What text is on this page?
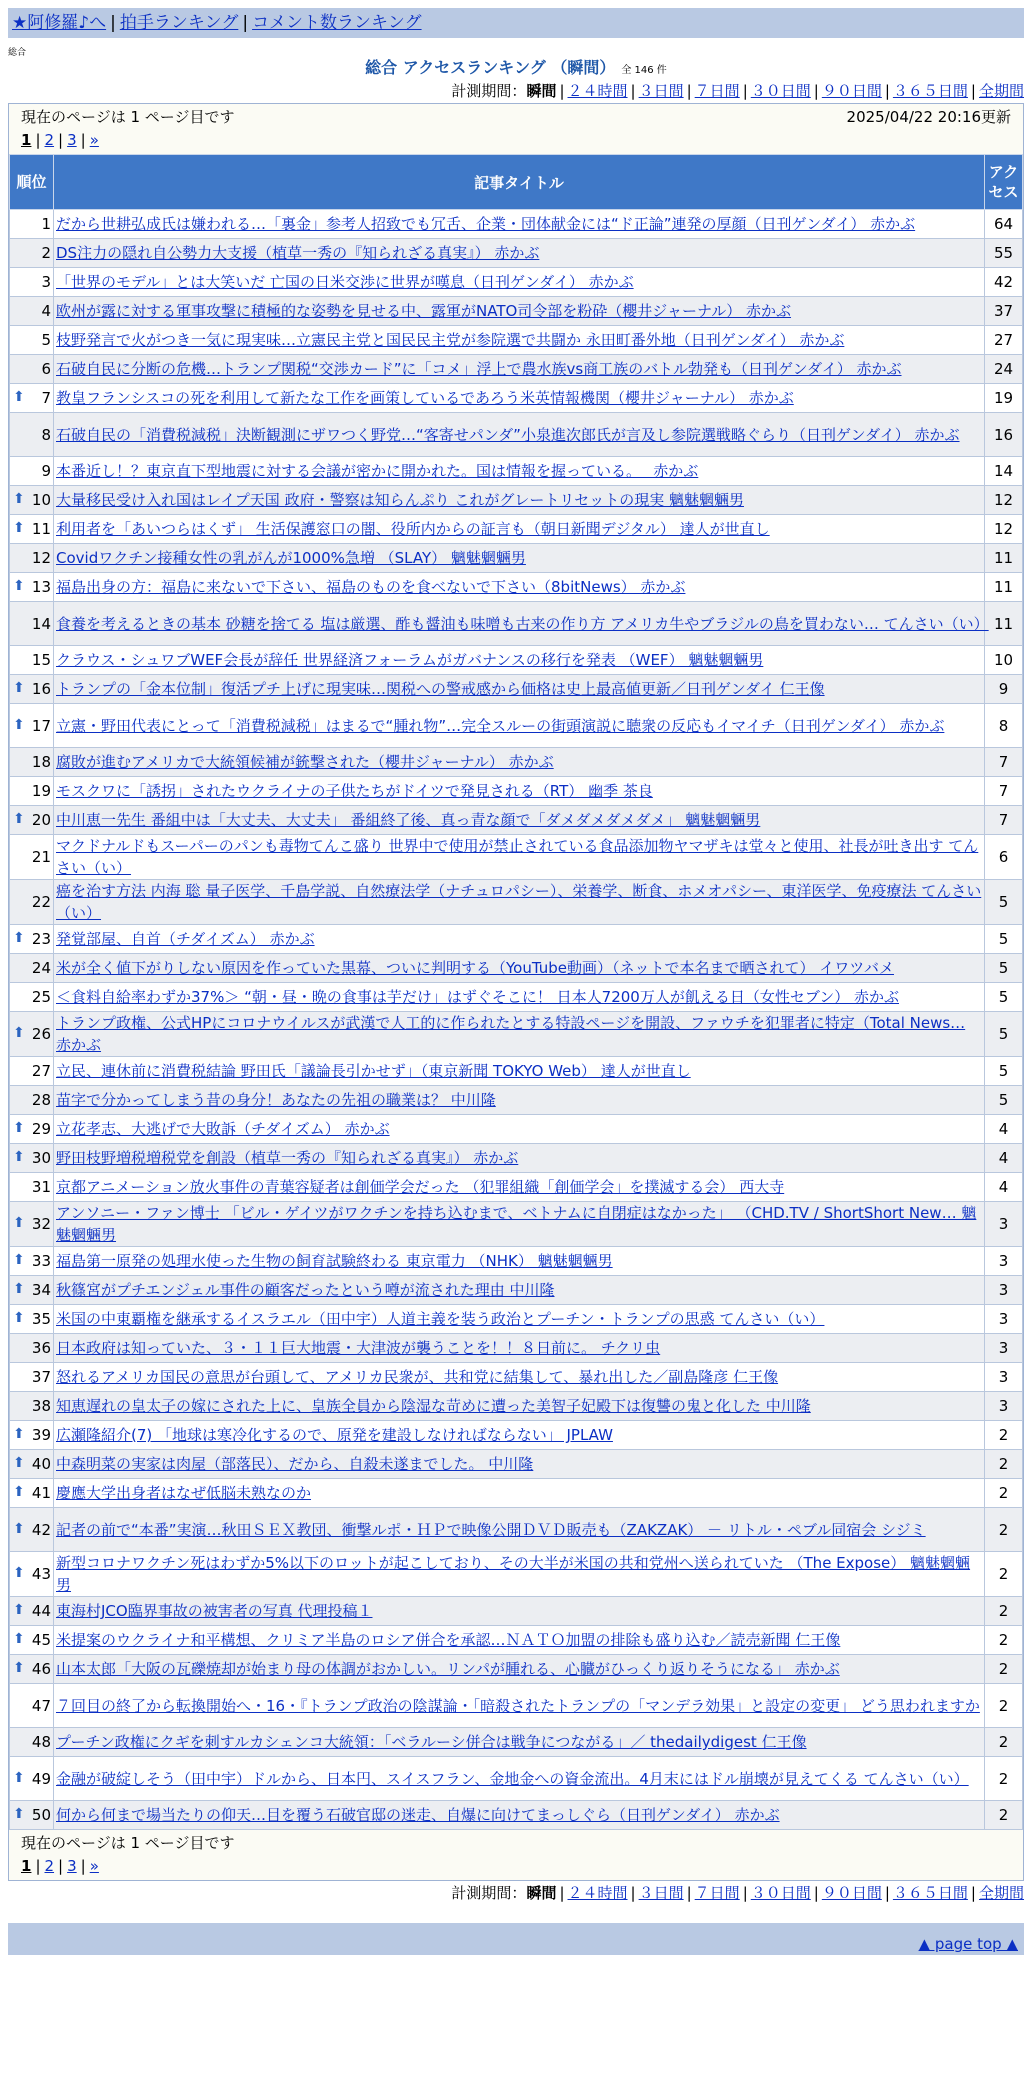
★阿修羅♪へ | 拍手ランキング | コメント数ランキング
総合
総合 アクセスランキング （瞬間） 全 146 件
計測期間：瞬間 | ２４時間 | ３日間 | ７日間 | ３０日間 | ９０日間 | ３６５日間 | 全期間
現在のページは 1 ページ目です	2025/04/22 20:16更新
1 | 2 | 3 | »
順位	記事タイトル	アクセス
1	だから世耕弘成氏は嫌われる…「裏金」参考人招致でも冗舌、企業・団体献金には“ド正論”連発の厚顔（日刊ゲンダイ） 赤かぶ	64
2	DS注力の隠れ自公勢力大支援（植草一秀の『知られざる真実』） 赤かぶ	55
3	「世界のモデル」とは大笑いだ 亡国の日米交渉に世界が嘆息（日刊ゲンダイ） 赤かぶ	42
4	欧州が露に対する軍事攻撃に積極的な姿勢を見せる中、露軍がNATO司令部を粉砕（櫻井ジャーナル） 赤かぶ	37
5	枝野発言で火がつき一気に現実味…立憲民主党と国民民主党が参院選で共闘か 永田町番外地（日刊ゲンダイ） 赤かぶ	27
6	石破自民に分断の危機…トランプ関税“交渉カード”に「コメ」浮上で農水族vs商工族のバトル勃発も（日刊ゲンダイ） 赤かぶ	24

⬆ 7	教皇フランシスコの死を利用して新たな工作を画策しているであろう米英情報機関（櫻井ジャーナル） 赤かぶ	19
8	石破自民の「消費税減税」決断観測にザワつく野党…“客寄せパンダ”小泉進次郎氏が言及し参院選戦略ぐらり（日刊ゲンダイ） 赤かぶ	16
9	本番近し！？東京直下型地震に対する会議が密かに開かれた。国は情報を握っている。　 赤かぶ	14

⬆ 10	大量移民受け入れ国はレイプ天国 政府・警察は知らんぷり これがグレートリセットの現実 魑魅魍魎男	12

⬆ 11	利用者を「あいつらはくず」 生活保護窓口の闇、役所内からの証言も（朝日新聞デジタル） 達人が世直し	12
12	Covidワクチン接種女性の乳がんが1000%急増 （SLAY） 魑魅魍魎男	11

⬆ 13	福島出身の方：福島に来ないで下さい、福島のものを食べないで下さい（8bitNews） 赤かぶ	11
14	食養を考えるときの基本 砂糖を捨てる 塩は厳選、酢も醤油も味噌も古来の作り方 アメリカ牛やブラジルの鳥を買わない… てんさい（い）	11
15	クラウス・シュワブWEF会長が辞任 世界経済フォーラムがガバナンスの移行を発表 （WEF） 魑魅魍魎男	10

⬆ 16	トランプの「金本位制」復活プチ上げに現実味…関税への警戒感から価格は史上最高値更新／日刊ゲンダイ 仁王像	9

⬆ 17	立憲・野田代表にとって「消費税減税」はまるで“腫れ物”…完全スルーの街頭演説に聴衆の反応もイマイチ（日刊ゲンダイ） 赤かぶ	8
18	腐敗が進むアメリカで大統領候補が銃撃された（櫻井ジャーナル） 赤かぶ	7
19	モスクワに「誘拐」されたウクライナの子供たちがドイツで発見される（RT） 幽季 茶良	7

⬆ 20	中川恵一先生 番組中は「大丈夫、大丈夫」 番組終了後、真っ青な顔で「ダメダメダメダメ」 魑魅魍魎男	7
21	マクドナルドもスーパーのパンも毒物てんこ盛り 世界中で使用が禁止されている食品添加物ヤマザキは堂々と使用、社長が吐き出す てんさい（い）	6
22	癌を治す方法 内海 聡 量子医学、千島学説、自然療法学（ナチュロパシー）、栄養学、断食、ホメオパシー、東洋医学、免疫療法 てんさい（い）	5

⬆ 23	発覚部屋、自首（チダイズム） 赤かぶ	5
24	米が全く値下がりしない原因を作っていた黒幕、ついに判明する（YouTube動画）（ネットで本名まで晒されて） イワツバメ	5
25	＜食料自給率わずか37%＞ “朝・昼・晩の食事は芋だけ」はずぐそこに！ 日本人7200万人が飢える日（女性セブン） 赤かぶ	5

⬆ 26	トランプ政権、公式HPにコロナウイルスが武漢で人工的に作られたとする特設ページを開設、ファウチを犯罪者に特定（Total News… 赤かぶ	5
27	立民、連休前に消費税結論 野田氏「議論長引かせず」（東京新聞 TOKYO Web） 達人が世直し	5
28	苗字で分かってしまう昔の身分！あなたの先祖の職業は？ 中川隆	5

⬆ 29	立花孝志、大逃げで大敗訴（チダイズム） 赤かぶ	4

⬆ 30	野田枝野増税増税党を創設（植草一秀の『知られざる真実』） 赤かぶ	4
31	京都アニメーション放火事件の青葉容疑者は創価学会だった （犯罪組織「創価学会」を撲滅する会） 西大寺	4

⬆ 32	アンソニー・ファン博士 「ビル・ゲイツがワクチンを持ち込むまで、ベトナムに自閉症はなかった」 （CHD.TV / ShortShort New… 魑魅魍魎男	3

⬆ 33	福島第一原発の処理水使った生物の飼育試験終わる 東京電力 （NHK） 魑魅魍魎男	3

⬆ 34	秋篠宮がプチエンジェル事件の顧客だったという噂が流された理由 中川隆	3

⬆ 35	米国の中東覇権を継承するイスラエル（田中宇）人道主義を装う政治とプーチン・トランプの思惑 てんさい（い）	3
36	日本政府は知っていた、３・１１巨大地震・大津波が襲うことを！！８日前に。 チクリ虫	3
37	怒れるアメリカ国民の意思が台頭して、アメリカ民衆が、共和党に結集して、暴れ出した／副島隆彦 仁王像	3
38	知恵遅れの皇太子の嫁にされた上に、皇族全員から陰湿な苛めに遭った美智子妃殿下は復讐の鬼と化した 中川隆	3

⬆ 39	広瀬隆紹介(7) 「地球は寒冷化するので、原発を建設しなければならない」 JPLAW	2

⬆ 40	中森明菜の実家は肉屋（部落民）、だから、自殺未遂までした。 中川隆	2

⬆ 41	慶應大学出身者はなぜ低脳未熟なのか	2

⬆ 42	記者の前で“本番”実演…秋田ＳＥＸ教団、衝撃ルポ・ＨＰで映像公開ＤＶＤ販売も（ZAKZAK） － リトル・ペブル同宿会 シジミ	2

⬆ 43	新型コロナワクチン死はわずか5%以下のロットが起こしており、その大半が米国の共和党州へ送られていた （The Expose） 魑魅魍魎男	2

⬆ 44	東海村JCO臨界事故の被害者の写真 代理投稿１	2

⬆ 45	米提案のウクライナ和平構想、クリミア半島のロシア併合を承認…ＮＡＴＯ加盟の排除も盛り込む／読売新聞 仁王像	2

⬆ 46	山本太郎「大阪の瓦礫焼却が始まり母の体調がおかしい。リンパが腫れる、心臓がひっくり返りそうになる」 赤かぶ	2
47	７回目の終了から転換開始へ・16・『トランプ政治の陰謀論・「暗殺されたトランプの「マンデラ効果」と設定の変更」 どう思われますか	2
48	プーチン政権にクギを刺すルカシェンコ大統領：「ベラルーシ併合は戦争につながる」／ thedailydigest 仁王像	2

⬆ 49	金融が破綻しそう（田中宇）ドルから、日本円、スイスフラン、金地金への資金流出。4月末にはドル崩壊が見えてくる てんさい（い）	2

⬆ 50	何から何まで場当たりの仰天…目を覆う石破官邸の迷走、自爆に向けてまっしぐら（日刊ゲンダイ） 赤かぶ	2
現在のページは 1 ページ目です
1 | 2 | 3 | »
計測期間：瞬間 | ２４時間 | ３日間 | ７日間 | ３０日間 | ９０日間 | ３６５日間 | 全期間
▲ page top ▲
